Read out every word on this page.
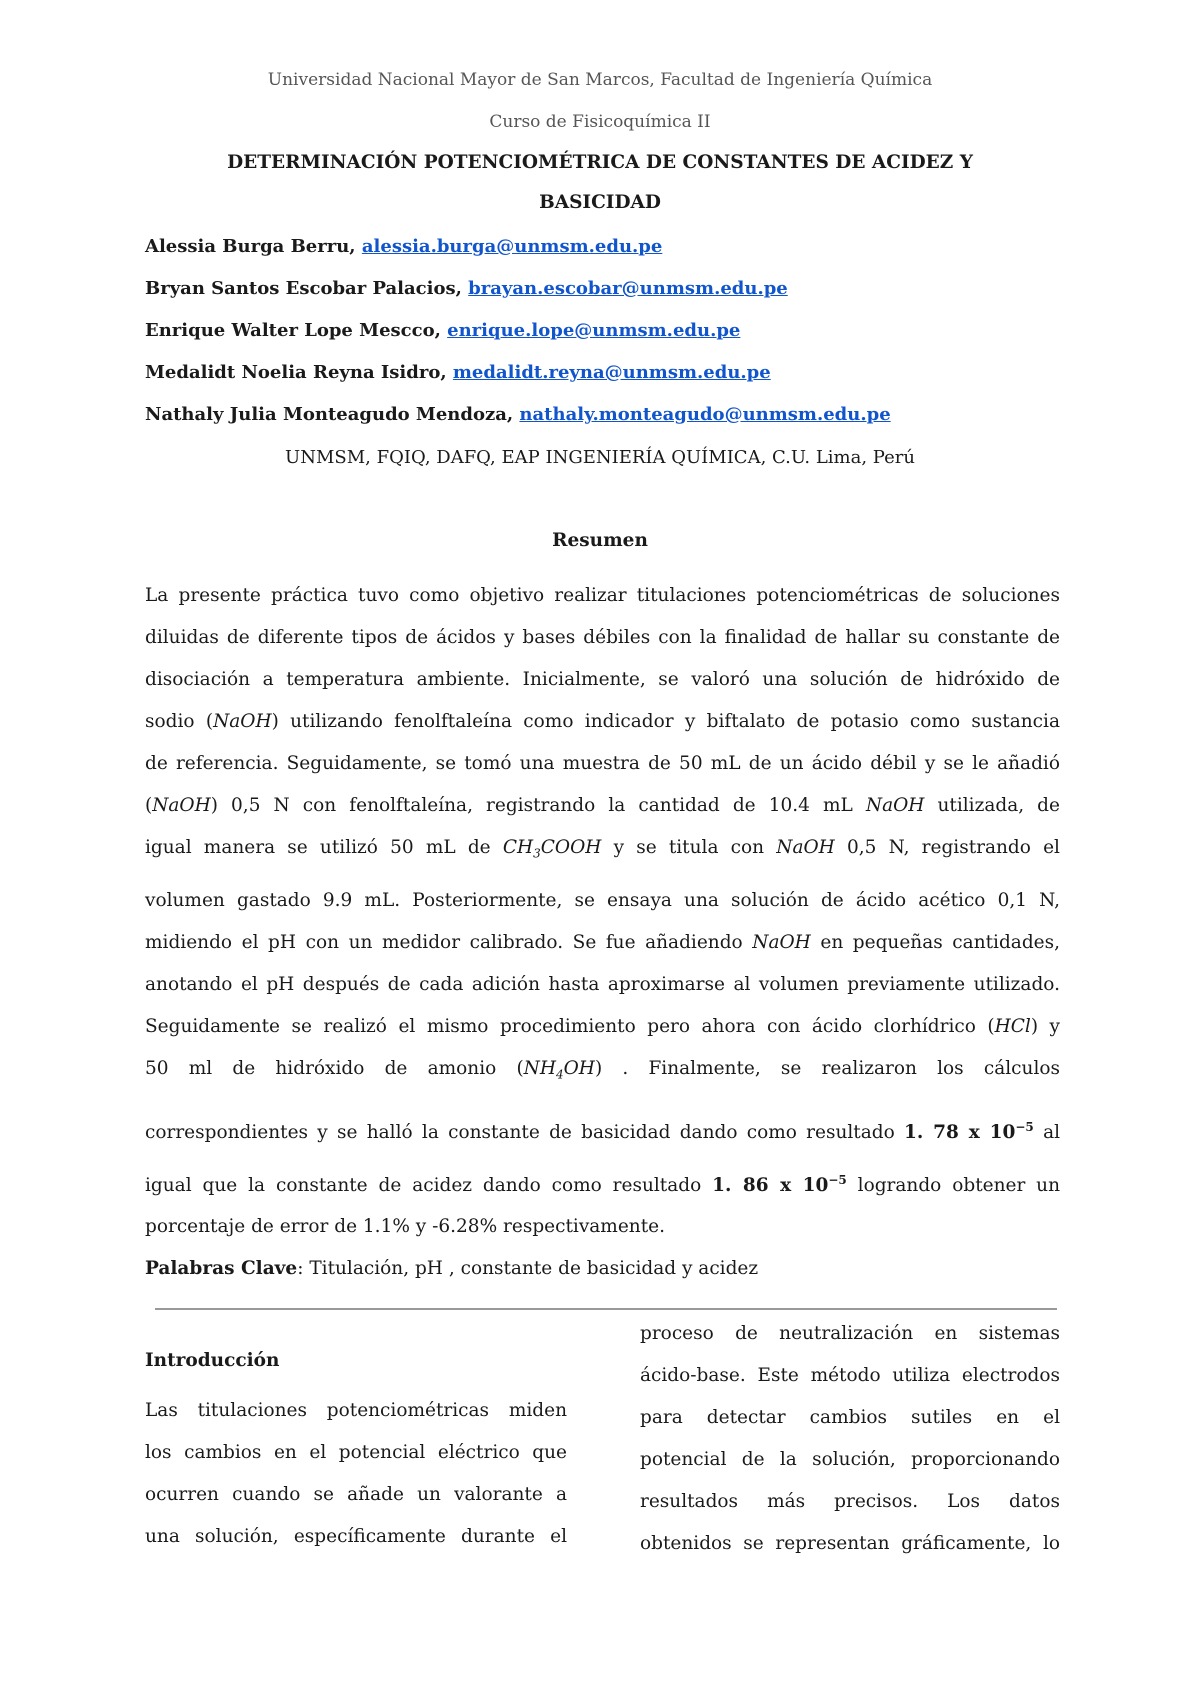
Universidad Nacional Mayor de San Marcos, Facultad de Ingeniería Química
Curso de Fisicoquímica II
DETERMINACIÓN POTENCIOMÉTRICA DE CONSTANTES DE ACIDEZ Y
BASICIDAD
Alessia Burga Berru, alessia.burga@unmsm.edu.pe
Bryan Santos Escobar Palacios, brayan.escobar@unmsm.edu.pe
Enrique Walter Lope Mescco, enrique.lope@unmsm.edu.pe
Medalidt Noelia Reyna Isidro, medalidt.reyna@unmsm.edu.pe
Nathaly Julia Monteagudo Mendoza, nathaly.monteagudo@unmsm.edu.pe
UNMSM, FQIQ, DAFQ, EAP INGENIERÍA QUÍMICA, C.U. Lima, Perú
Resumen
La presente práctica tuvo como objetivo realizar titulaciones potenciométricas de soluciones
diluidas de diferente tipos de ácidos y bases débiles con la finalidad de hallar su constante de
disociación a temperatura ambiente. Inicialmente, se valoró una solución de hidróxido de
sodio (NaOH) utilizando fenolftaleína como indicador y biftalato de potasio como sustancia
de referencia. Seguidamente, se tomó una muestra de 50 mL de un ácido débil y se le añadió
(NaOH) 0,5 N con fenolftaleína, registrando la cantidad de 10.4 mL NaOH utilizada, de
igual manera se utilizó 50 mL de $CH_3COOH$ y se titula con NaOH 0,5 N, registrando el
volumen gastado 9.9 mL. Posteriormente, se ensaya una solución de ácido acético 0,1 N,
midiendo el pH con un medidor calibrado. Se fue añadiendo NaOH en pequeñas cantidades,
anotando el pH después de cada adición hasta aproximarse al volumen previamente utilizado.
Seguidamente se realizó el mismo procedimiento pero ahora con ácido clorhídrico (HCl) y
50 ml de hidróxido de amonio $(NH_4OH)$ . Finalmente, se realizaron los cálculos
correspondientes y se halló la constante de basicidad dando como resultado 1. 78 x $10^{-5}$ al
igual que la constante de acidez dando como resultado 1. 86 x $10^{-5}$ logrando obtener un
porcentaje de error de 1.1% y -6.28% respectivamente.
Palabras Clave: Titulación, pH , constante de basicidad y acidez
Introducción
Las titulaciones potenciométricas miden
los cambios en el potencial eléctrico que
ocurren cuando se añade un valorante a
una solución, específicamente durante el
proceso de neutralización en sistemas
ácido-base. Este método utiliza electrodos
para detectar cambios sutiles en el
potencial de la solución, proporcionando
resultados más precisos. Los datos
obtenidos se representan gráficamente, lo
